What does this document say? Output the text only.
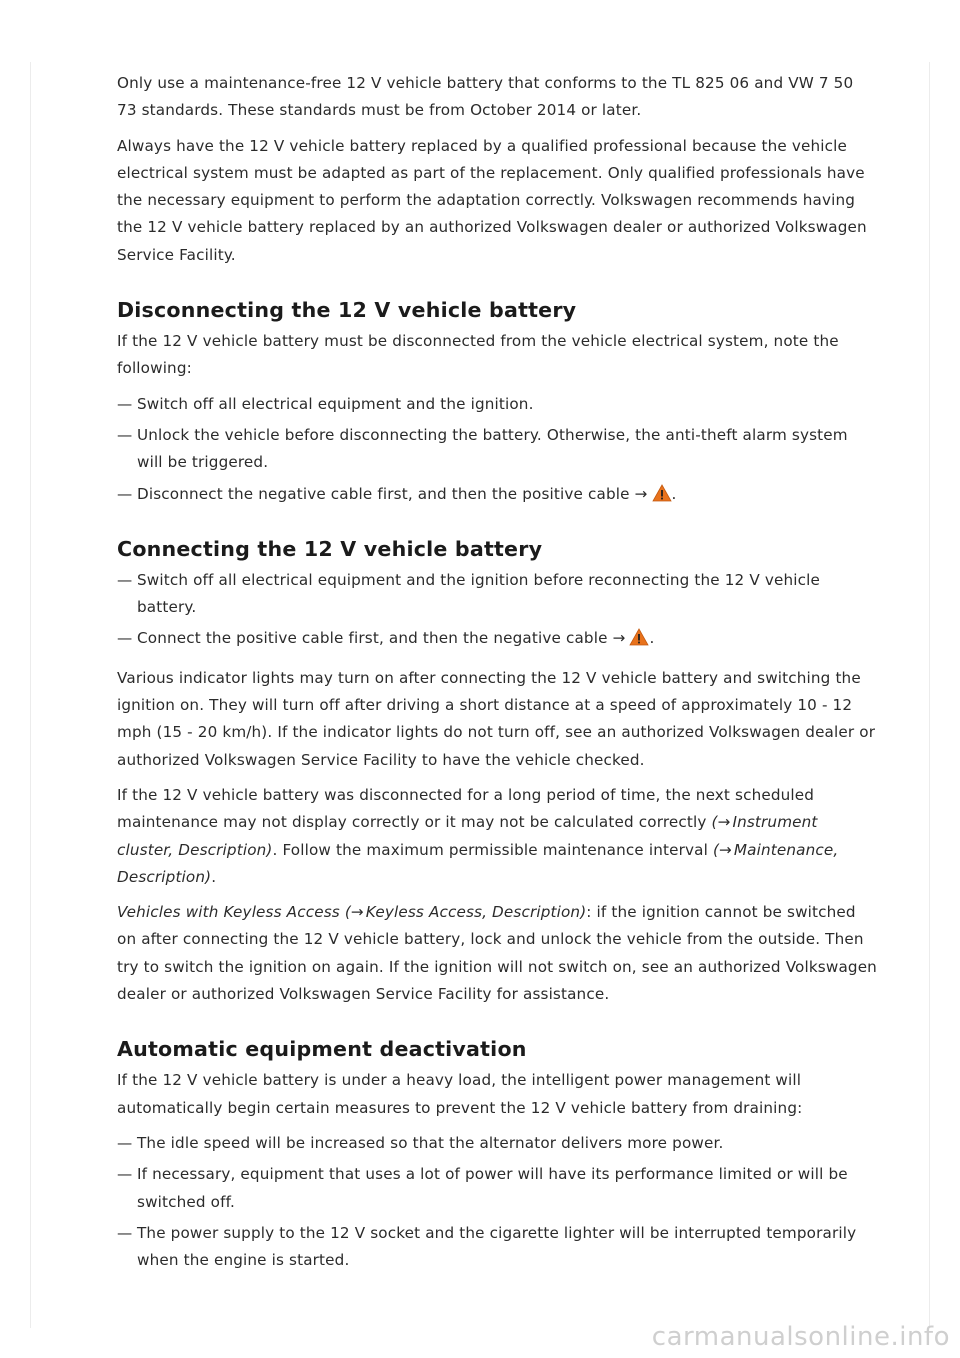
Only use a maintenance-free 12 V vehicle battery that conforms to the TL 825 06 and VW 7 50 73 standards. These standards must be from October 2014 or later.

Always have the 12 V vehicle battery replaced by a qualified professional because the vehicle electrical system must be adapted as part of the replacement. Only qualified professionals have the necessary equipment to perform the adaptation correctly. Volkswagen recommends having the 12 V vehicle battery replaced by an authorized Volkswagen dealer or authorized Volkswagen Service Facility.

Disconnecting the 12 V vehicle battery

If the 12 V vehicle battery must be disconnected from the vehicle electrical system, note the following:

— Switch off all electrical equipment and the ignition.
— Unlock the vehicle before disconnecting the battery. Otherwise, the anti-theft alarm system will be triggered.
— Disconnect the negative cable first, and then the positive cable → .
Connecting the 12 V vehicle battery
— Switch off all electrical equipment and the ignition before reconnecting the 12 V vehicle battery.
— Connect the positive cable first, and then the negative cable → .

Various indicator lights may turn on after connecting the 12 V vehicle battery and switching the ignition on. They will turn off after driving a short distance at a speed of approximately 10 - 12 mph (15 - 20 km/h). If the indicator lights do not turn off, see an authorized Volkswagen dealer or authorized Volkswagen Service Facility to have the vehicle checked.

If the 12 V vehicle battery was disconnected for a long period of time, the next scheduled maintenance may not display correctly or it may not be calculated correctly (→ Instrument cluster, Description). Follow the maximum permissible maintenance interval (→ Maintenance, Description).

Vehicles with Keyless Access (→ Keyless Access, Description): if the ignition cannot be switched on after connecting the 12 V vehicle battery, lock and unlock the vehicle from the outside. Then try to switch the ignition on again. If the ignition will not switch on, see an authorized Volkswagen dealer or authorized Volkswagen Service Facility for assistance.

Automatic equipment deactivation

If the 12 V vehicle battery is under a heavy load, the intelligent power management will automatically begin certain measures to prevent the 12 V vehicle battery from draining:

— The idle speed will be increased so that the alternator delivers more power.
— If necessary, equipment that uses a lot of power will have its performance limited or will be switched off.
— The power supply to the 12 V socket and the cigarette lighter will be interrupted temporarily when the engine is started.
carmanualsonline.info
